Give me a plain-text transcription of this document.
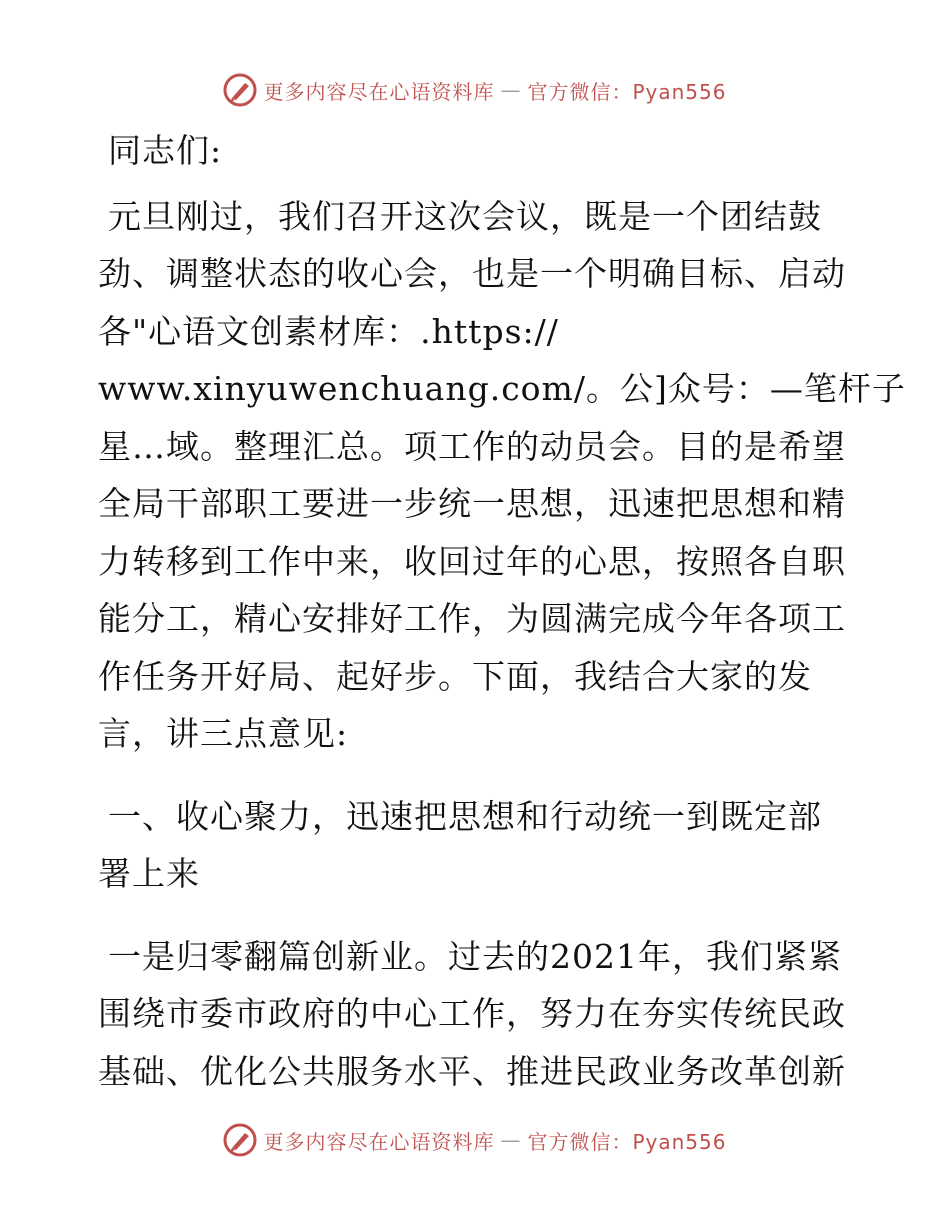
更多内容尽在心语资料库 — 官方微信：Pyan556

同志们:

元旦刚过，我们召开这次会议，既是一个团结鼓
劲、调整状态的收心会，也是一个明确目标、启动
各"心语文创素材库：.https://
www.xinyuwenchuang.com/。公]众号：—笔杆子
星…域。整理汇总。项工作的动员会。目的是希望
全局干部职工要进一步统一思想，迅速把思想和精
力转移到工作中来，收回过年的心思，按照各自职
能分工，精心安排好工作，为圆满完成今年各项工
作任务开好局、起好步。下面，我结合大家的发
言，讲三点意见:

一、收心聚力，迅速把思想和行动统一到既定部
署上来

一是归零翻篇创新业。过去的2021年，我们紧紧
围绕市委市政府的中心工作，努力在夯实传统民政
基础、优化公共服务水平、推进民政业务改革创新

更多内容尽在心语资料库 — 官方微信：Pyan556
